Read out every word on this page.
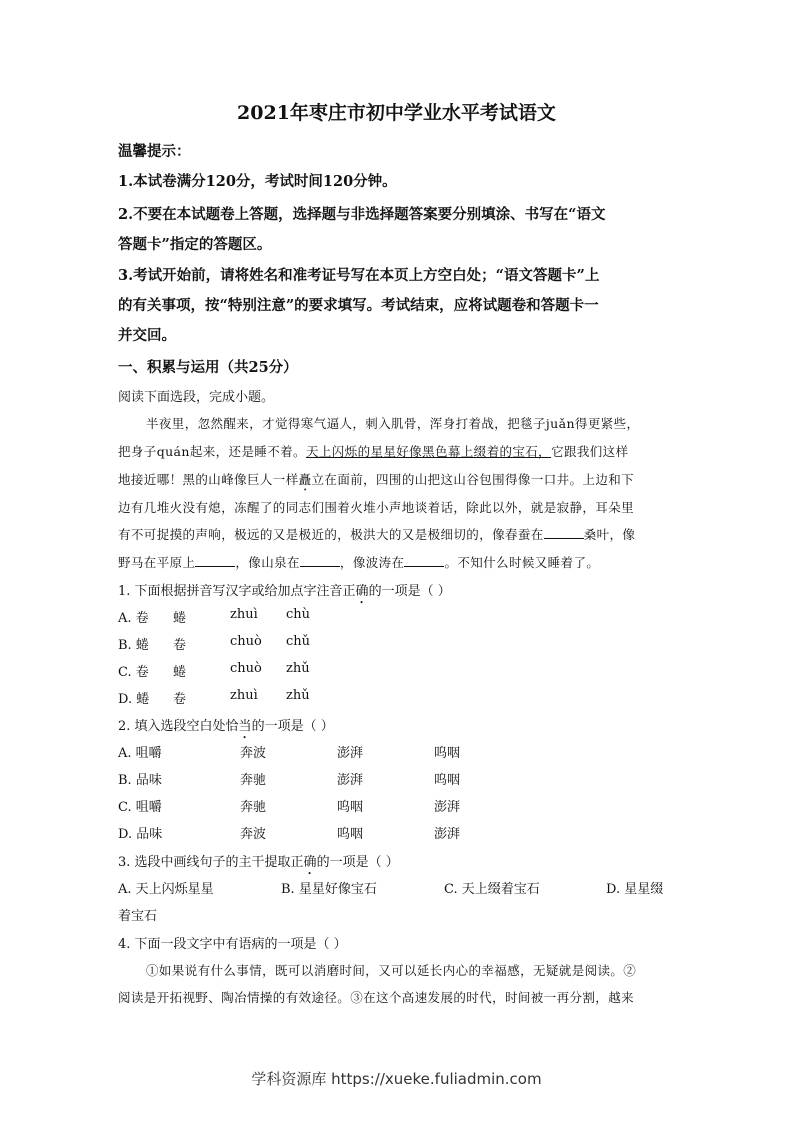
2021年枣庄市初中学业水平考试语文
温馨提示：
1.本试卷满分120分，考试时间120分钟。
2.不要在本试题卷上答题，选择题与非选择题答案要分别填涂、书写在“语文
答题卡”指定的答题区。
3.考试开始前，请将姓名和准考证号写在本页上方空白处；“语文答题卡”上
的有关事项，按“特别注意”的要求填写。考试结束，应将试题卷和答题卡一
并交回。
一、积累与运用（共25分）
阅读下面选段，完成小题。
半夜里，忽然醒来，才觉得寒气逼人，刺入肌骨，浑身打着战，把毯子juǎn得更紧些，
把身子quán起来，还是睡不着。天上闪烁的星星好像黑色幕上缀着的宝石，它跟我们这样
地接近哪！黑的山峰像巨人一样矗立在面前，四围的山把这山谷包围得像一口井。上边和下
边有几堆火没有熄，冻醒了的同志们围着火堆小声地谈着话，除此以外，就是寂静，耳朵里
有不可捉摸的声响，极远的又是极近的，极洪大的又是极细切的，像春蚕在	桑叶，像
野马在平原上	，像山泉在	，像波涛在	。不知什么时候又睡着了。
1. 下面根据拼音写汉字或给加点字注音正确的一项是（ ）
A. 卷 蜷	zhuì chù
B. 蜷 卷	chuò chǔ
C. 卷 蜷	chuò zhǔ
D. 蜷 卷	zhuì zhǔ
2. 填入选段空白处恰当的一项是（ ）
A. 咀嚼	奔波	澎湃	呜咽
B. 品味	奔驰	澎湃	呜咽
C. 咀嚼	奔驰	呜咽	澎湃
D. 品味	奔波	呜咽	澎湃
3. 选段中画线句子的主干提取正确的一项是（ ）
A. 天上闪烁星星	B. 星星好像宝石	C. 天上缀着宝石	D. 星星缀
着宝石
4. 下面一段文字中有语病的一项是（ ）
①如果说有什么事情，既可以消磨时间，又可以延长内心的幸福感，无疑就是阅读。②
阅读是开拓视野、陶冶情操的有效途径。③在这个高速发展的时代，时间被一再分割，越来
学科资源库 https://xueke.fuliadmin.com
